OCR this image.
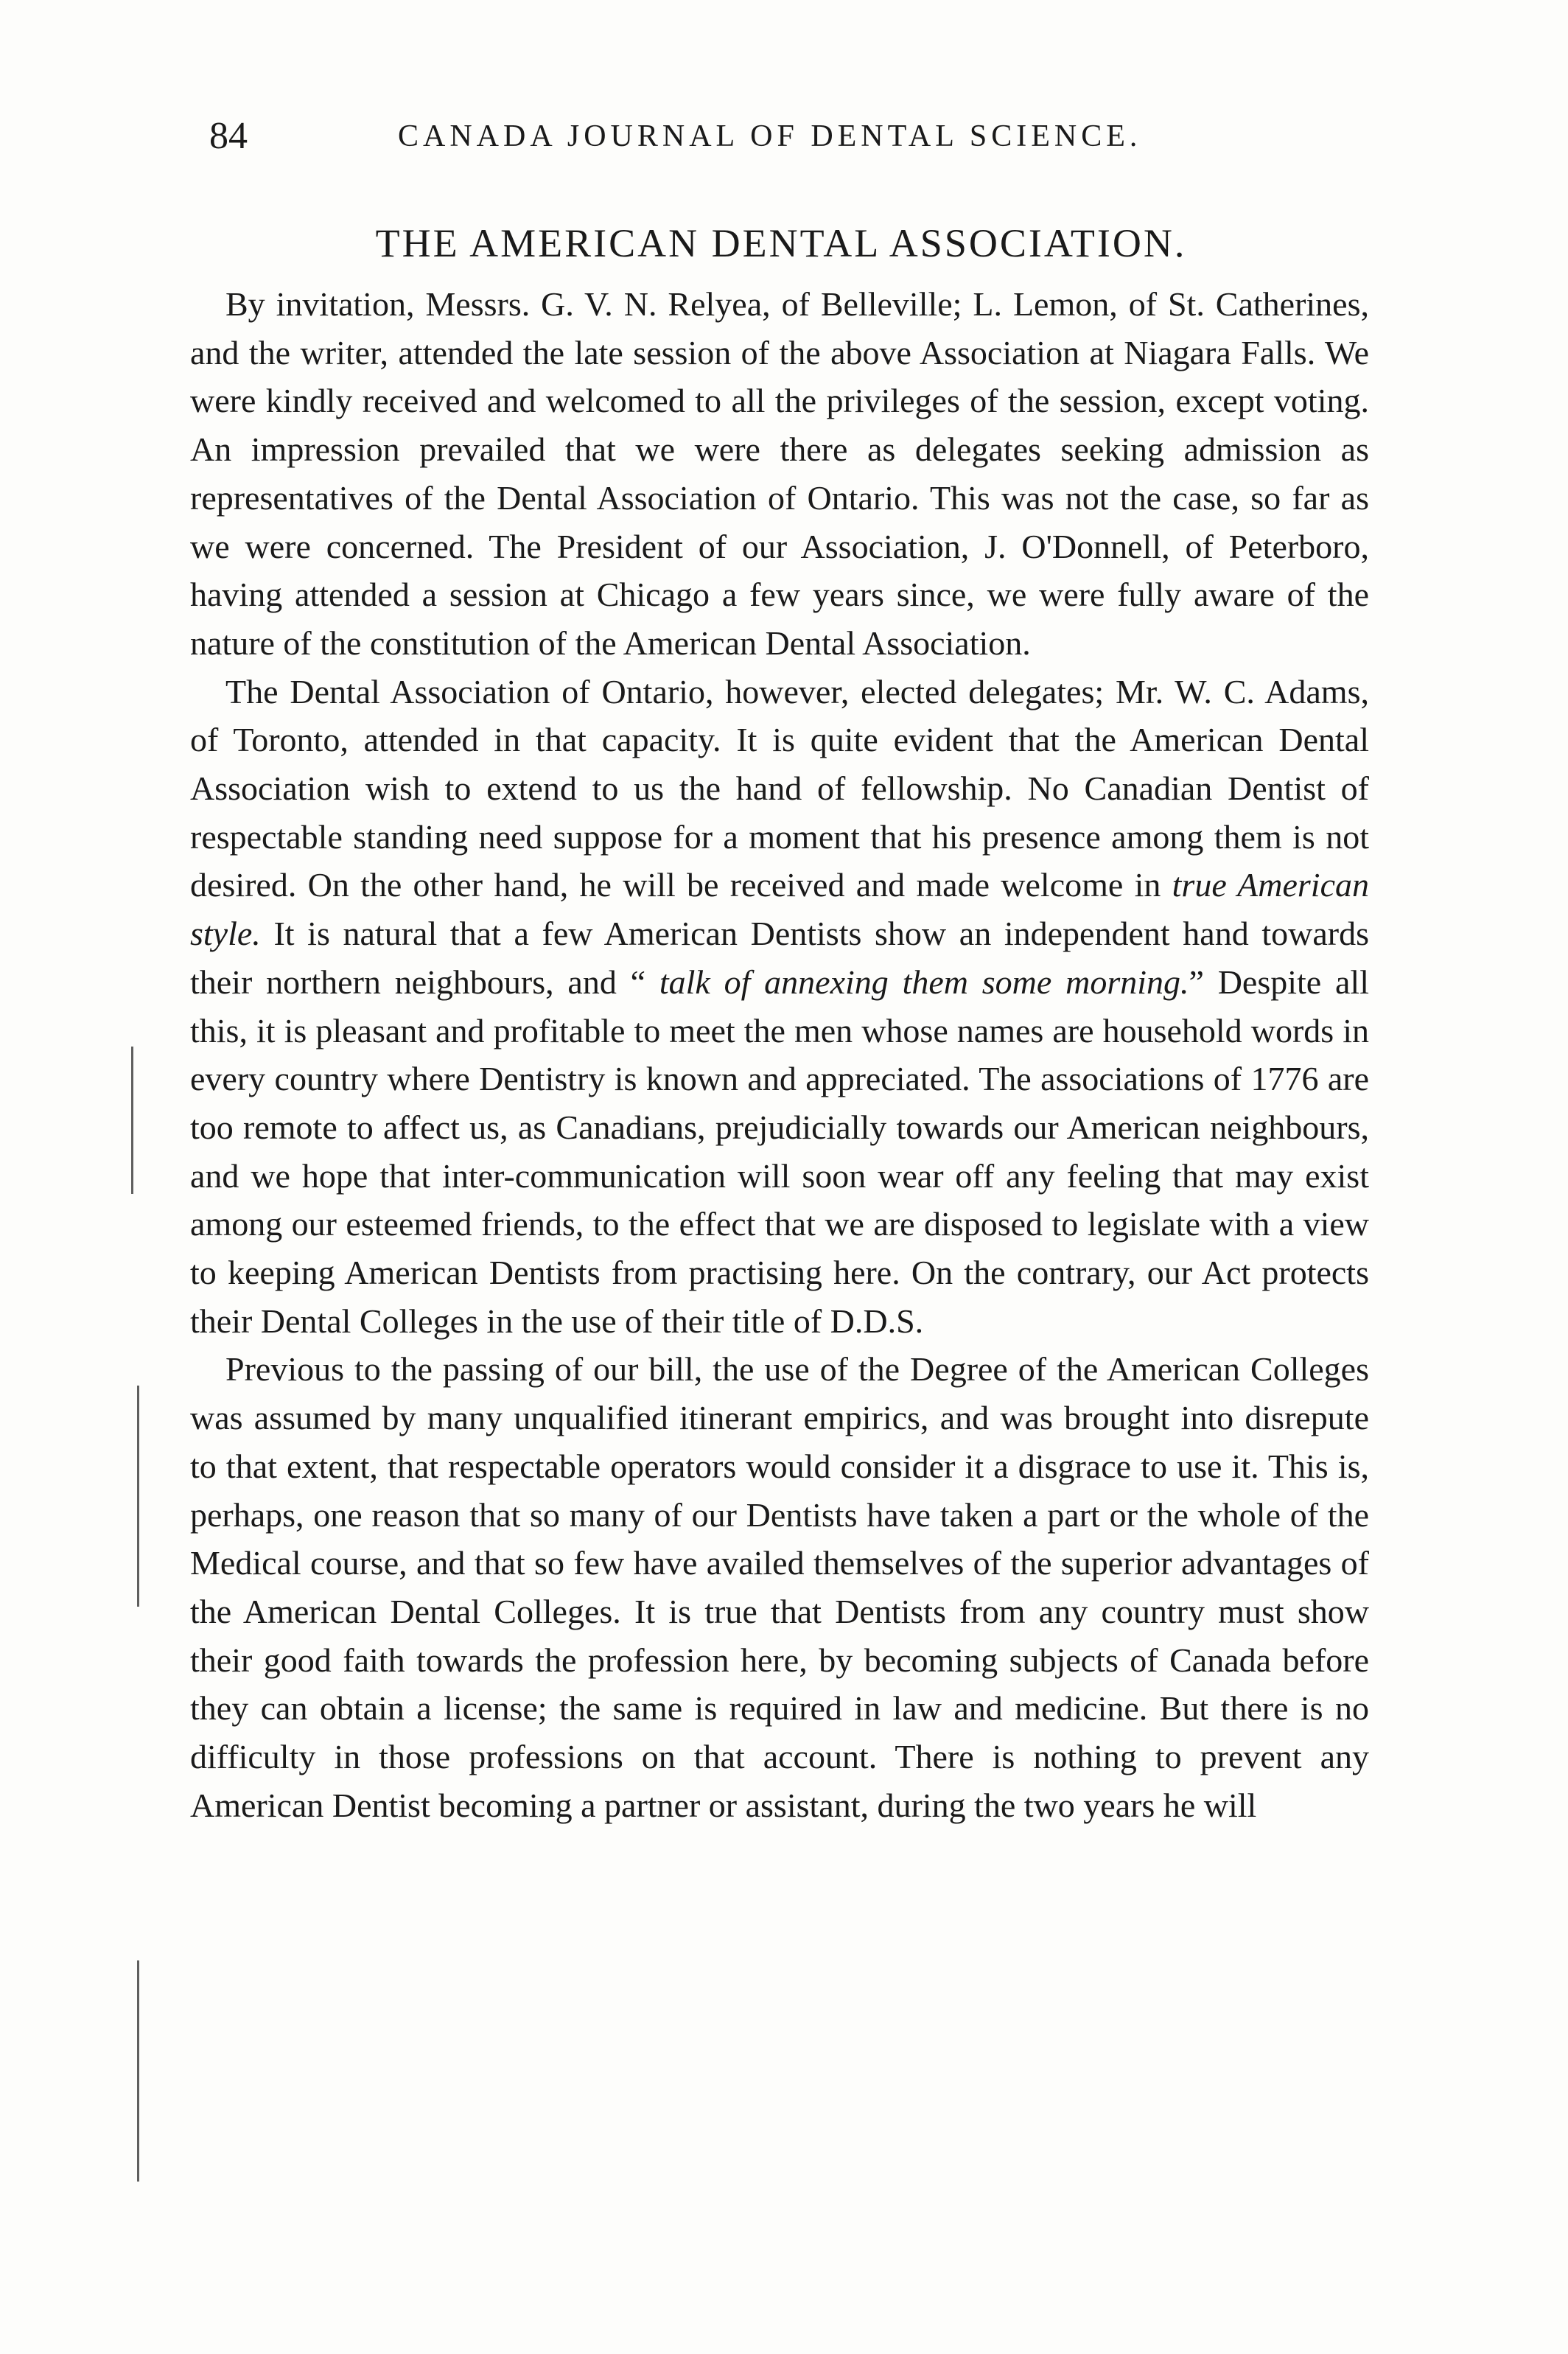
84	CANADA JOURNAL OF DENTAL SCIENCE.
THE AMERICAN DENTAL ASSOCIATION.

By invitation, Messrs. G. V. N. Relyea, of Belleville; L. Lemon, of St. Catherines, and the writer, attended the late session of the above Association at Niagara Falls. We were kindly received and welcomed to all the privileges of the session, except voting. An impression prevailed that we were there as delegates seeking admission as representatives of the Dental Association of Ontario. This was not the case, so far as we were concerned. The President of our Association, J. O'Donnell, of Peterboro, having attended a session at Chicago a few years since, we were fully aware of the nature of the constitution of the American Dental Association.

The Dental Association of Ontario, however, elected delegates; Mr. W. C. Adams, of Toronto, attended in that capacity. It is quite evident that the American Dental Association wish to extend to us the hand of fellowship. No Canadian Dentist of respectable standing need suppose for a moment that his presence among them is not desired. On the other hand, he will be received and made welcome in true American style. It is natural that a few American Dentists show an independent hand towards their northern neighbours, and “ talk of annexing them some morning.” Despite all this, it is pleasant and profitable to meet the men whose names are household words in every country where Dentistry is known and appreciated. The associations of 1776 are too remote to affect us, as Canadians, prejudicially towards our American neighbours, and we hope that inter-communication will soon wear off any feeling that may exist among our esteemed friends, to the effect that we are disposed to legislate with a view to keeping American Dentists from practising here. On the contrary, our Act protects their Dental Colleges in the use of their title of D.D.S.

Previous to the passing of our bill, the use of the Degree of the American Colleges was assumed by many unqualified itinerant empirics, and was brought into disrepute to that extent, that respectable operators would consider it a disgrace to use it. This is, perhaps, one reason that so many of our Dentists have taken a part or the whole of the Medical course, and that so few have availed themselves of the superior advantages of the American Dental Colleges. It is true that Dentists from any country must show their good faith towards the profession here, by becoming subjects of Canada before they can obtain a license; the same is required in law and medicine. But there is no difficulty in those professions on that account. There is nothing to prevent any American Dentist becoming a partner or assistant, during the two years he will
